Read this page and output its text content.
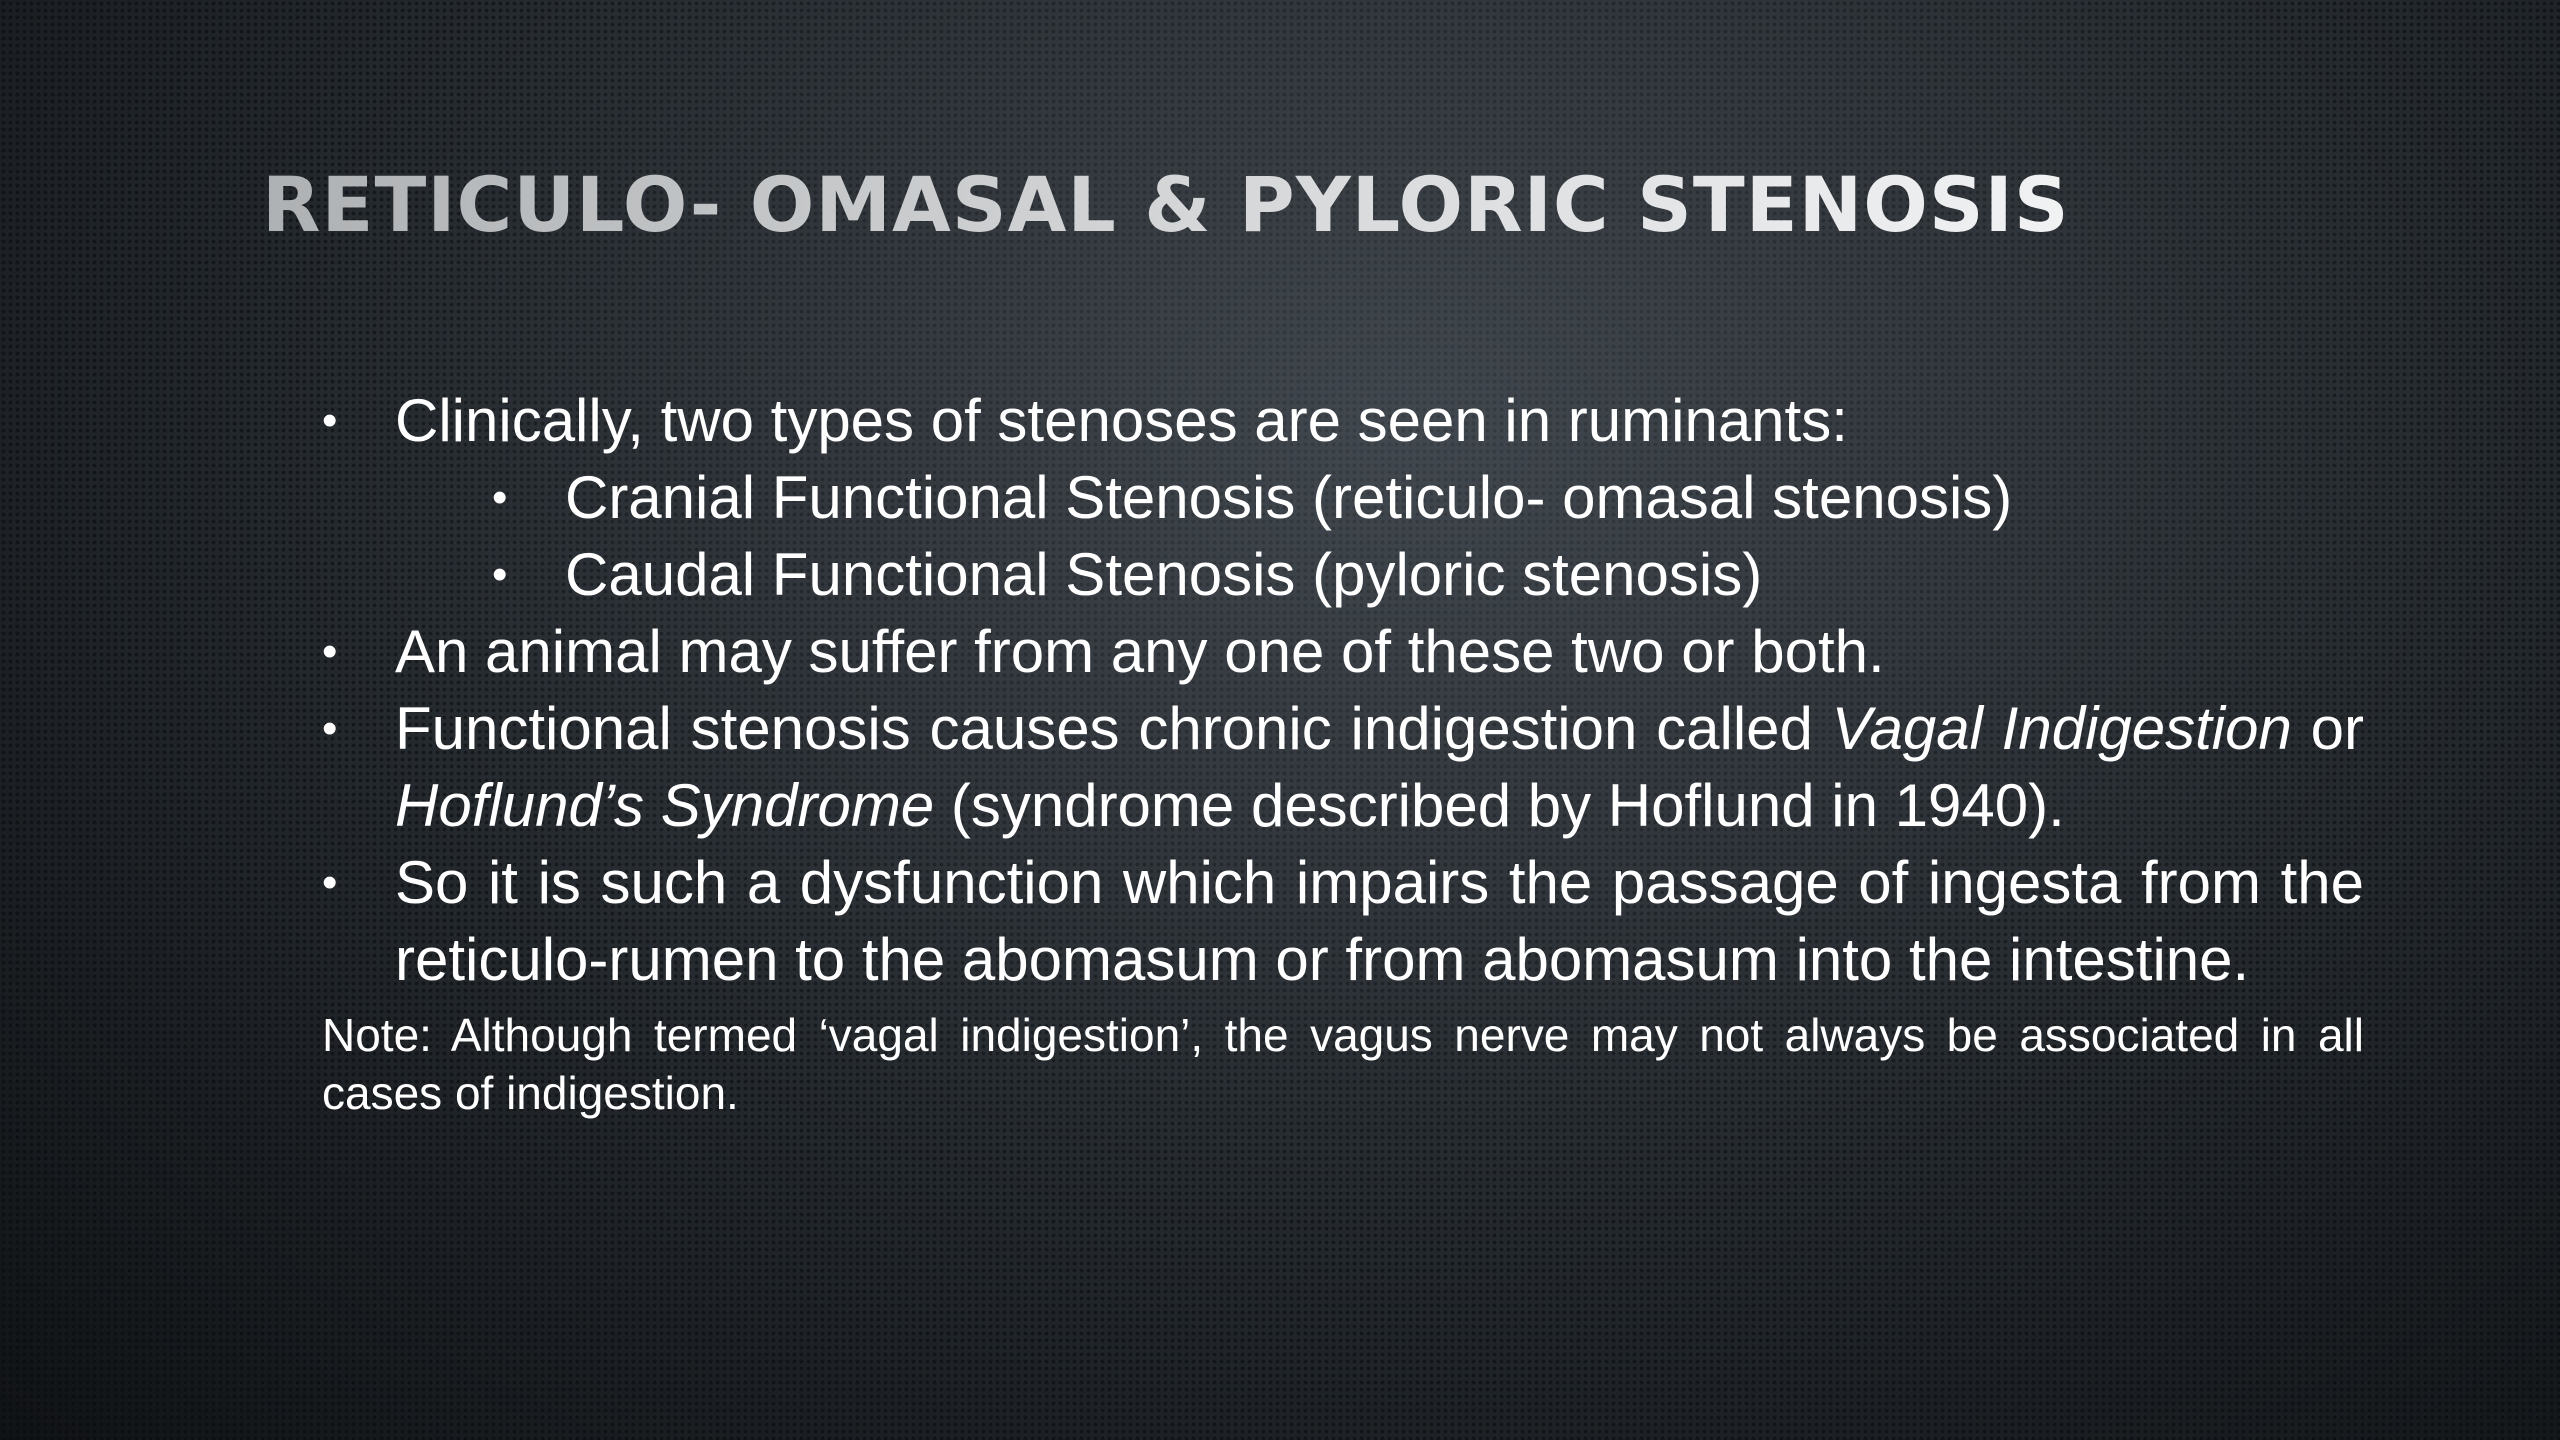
RETICULO- OMASAL & PYLORIC STENOSIS
• Clinically, two types of stenoses are seen in ruminants:
• Cranial Functional Stenosis (reticulo- omasal stenosis)
• Caudal Functional Stenosis (pyloric stenosis)
• An animal may suffer from any one of these two or both.
• Functional stenosis causes chronic indigestion called Vagal Indigestion or Hoflund’s Syndrome (syndrome described by Hoflund in 1940).
• So it is such a dysfunction which impairs the passage of ingesta from the reticulo-rumen to the abomasum or from abomasum into the intestine.

Note: Although termed ‘vagal indigestion’, the vagus nerve may not always be associated in all cases of indigestion.
